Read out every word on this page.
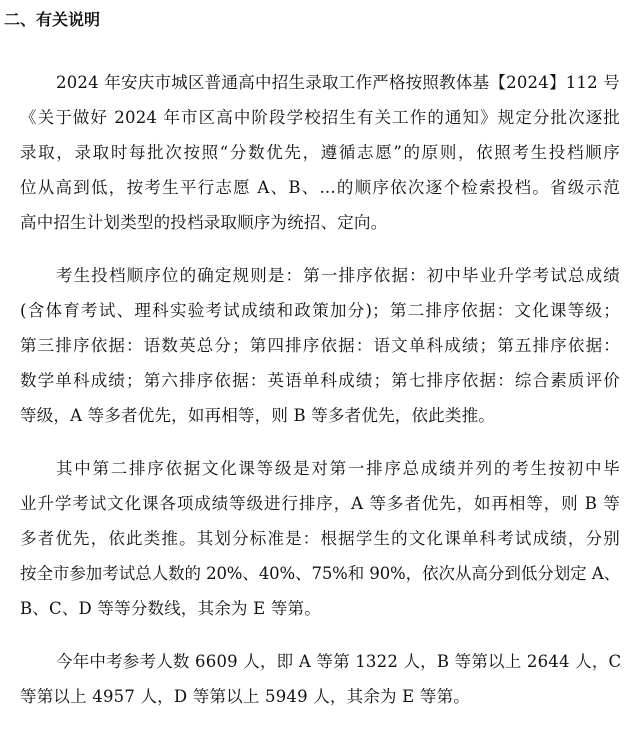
二、有关说明
2024 年安庆市城区普通高中招生录取工作严格按照教体基【2024】112 号
《关于做好 2024 年市区高中阶段学校招生有关工作的通知》规定分批次逐批
录取，录取时每批次按照“分数优先，遵循志愿”的原则，依照考生投档顺序
位从高到低，按考生平行志愿 A、B、...的顺序依次逐个检索投档。省级示范
高中招生计划类型的投档录取顺序为统招、定向。
考生投档顺序位的确定规则是：第一排序依据：初中毕业升学考试总成绩
(含体育考试、理科实验考试成绩和政策加分)；第二排序依据：文化课等级；
第三排序依据：语数英总分；第四排序依据：语文单科成绩；第五排序依据：
数学单科成绩；第六排序依据：英语单科成绩；第七排序依据：综合素质评价
等级，A 等多者优先，如再相等，则 B 等多者优先，依此类推。
其中第二排序依据文化课等级是对第一排序总成绩并列的考生按初中毕
业升学考试文化课各项成绩等级进行排序，A 等多者优先，如再相等，则 B 等
多者优先，依此类推。其划分标准是：根据学生的文化课单科考试成绩，分别
按全市参加考试总人数的 20%、40%、75%和 90%，依次从高分到低分划定 A、
B、C、D 等等分数线，其余为 E 等第。
今年中考参考人数 6609 人，即 A 等第 1322 人，B 等第以上 2644 人，C
等第以上 4957 人，D 等第以上 5949 人，其余为 E 等第。
